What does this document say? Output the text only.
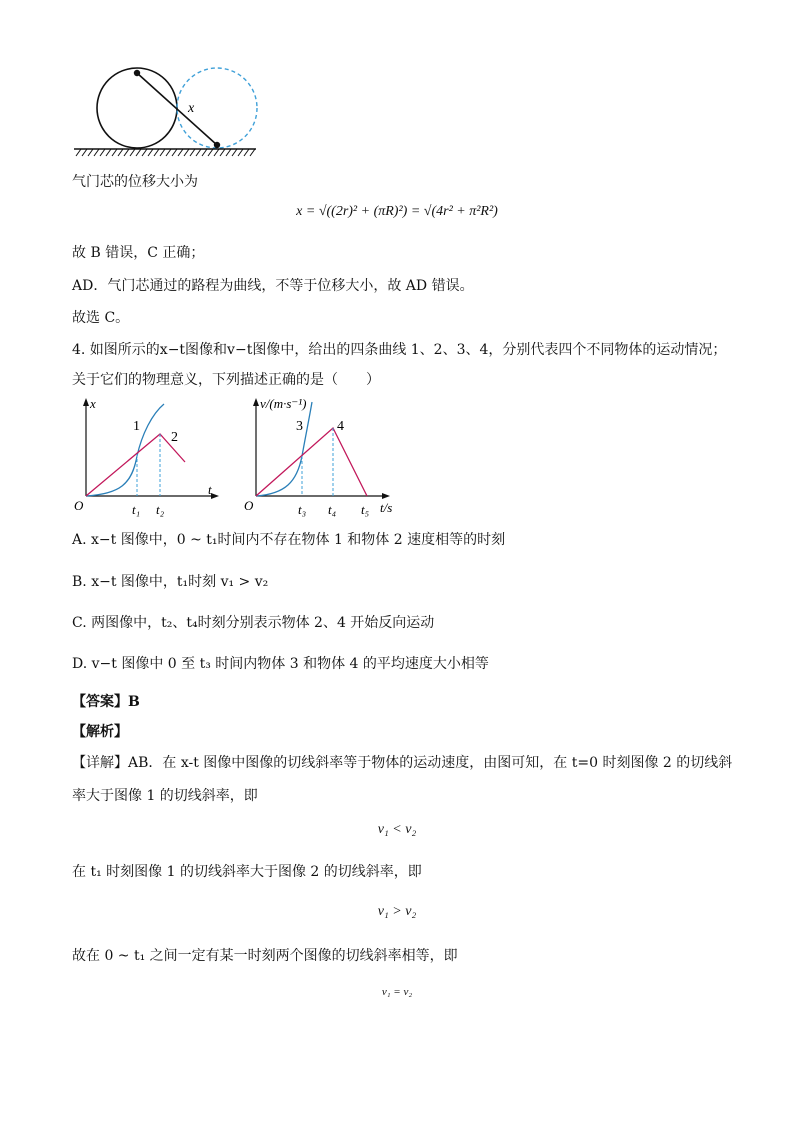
x
气门芯的位移大小为
x = √((2r)² + (πR)²) = √(4r² + π²R²)
故 B 错误，C 正确；
AD．气门芯通过的路程为曲线，不等于位移大小，故 AD 错误。
故选 C。
4. 如图所示的x−t图像和v−t图像中，给出的四条曲线 1、2、3、4，分别代表四个不同物体的运动情况；
关于它们的物理意义，下列描述正确的是（　　）
x
t
O
1
2
t₁ t₂
v/(m·s⁻¹)
t/s
O
3 4
t₃ t₄ t₅
A. x−t 图像中，0 ~ t₁时间内不存在物体 1 和物体 2 速度相等的时刻
B. x−t 图像中，t₁时刻 v₁ > v₂
C. 两图像中，t₂、t₄时刻分别表示物体 2、4 开始反向运动
D. v−t 图像中 0 至 t₃ 时间内物体 3 和物体 4 的平均速度大小相等
【答案】B
【解析】
【详解】AB．在 x-t 图像中图像的切线斜率等于物体的运动速度，由图可知，在 t=0 时刻图像 2 的切线斜
率大于图像 1 的切线斜率，即
v₁ < v₂
在 t₁ 时刻图像 1 的切线斜率大于图像 2 的切线斜率，即
v₁ > v₂
故在 0 ~ t₁ 之间一定有某一时刻两个图像的切线斜率相等，即
v₁ = v₂
